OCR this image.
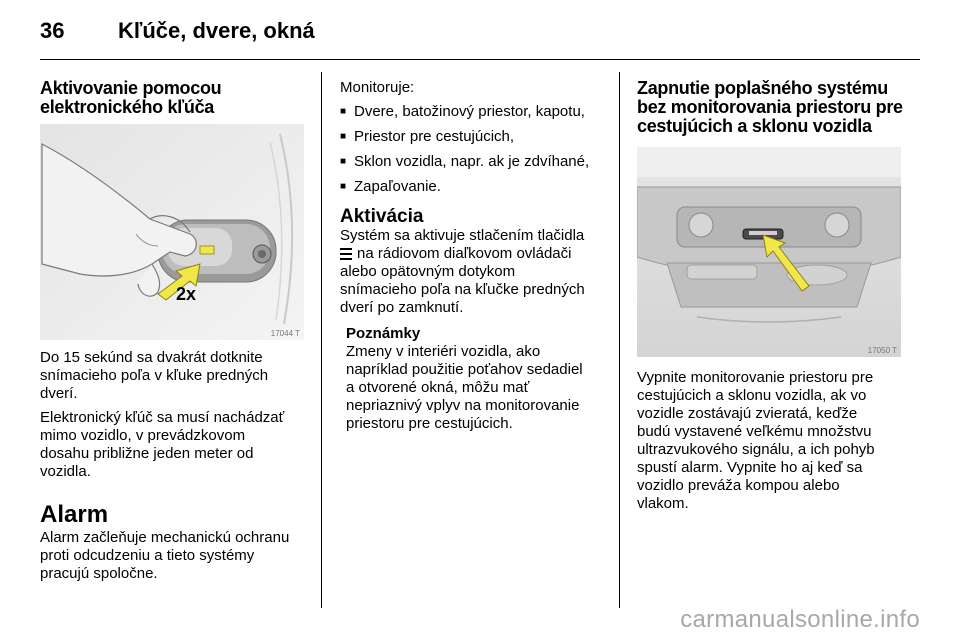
36 Kľúče, dvere, okná
Aktivovanie pomocou
elektronického kľúča
2x
17044 T

Do 15 sekúnd sa dvakrát dotknite
snímacieho poľa v kľuke predných
dverí.

Elektronický kľúč sa musí nachádzať
mimo vozidlo, v prevádzkovom
dosahu približne jeden meter od
vozidla.

Alarm

Alarm začleňuje mechanickú ochranu
proti odcudzeniu a tieto systémy
pracujú spoločne.

Monitoruje:

■ Dvere, batožinový priestor, kapotu,
■ Priestor pre cestujúcich,
■ Sklon vozidla, napr. ak je zdvíhané,
■ Zapaľovanie.
Aktivácia

Systém sa aktivuje stlačením tlačidla

na rádiovom diaľkovom ovládači
alebo opätovným dotykom
snímacieho poľa na kľučke predných
dverí po zamknutí.

Poznámky

Zmeny v interiéri vozidla, ako
napríklad použitie poťahov sedadiel
a otvorené okná, môžu mať
nepriaznivý vplyv na monitorovanie
priestoru pre cestujúcich.

Zapnutie poplašného systému
bez monitorovania priestoru pre
cestujúcich a sklonu vozidla
17050 T

Vypnite monitorovanie priestoru pre
cestujúcich a sklonu vozidla, ak vo
vozidle zostávajú zvieratá, keďže
budú vystavené veľkému množstvu
ultrazvukového signálu, a ich pohyb
spustí alarm. Vypnite ho aj keď sa
vozidlo preváža kompou alebo
vlakom.

carmanualsonline.info
